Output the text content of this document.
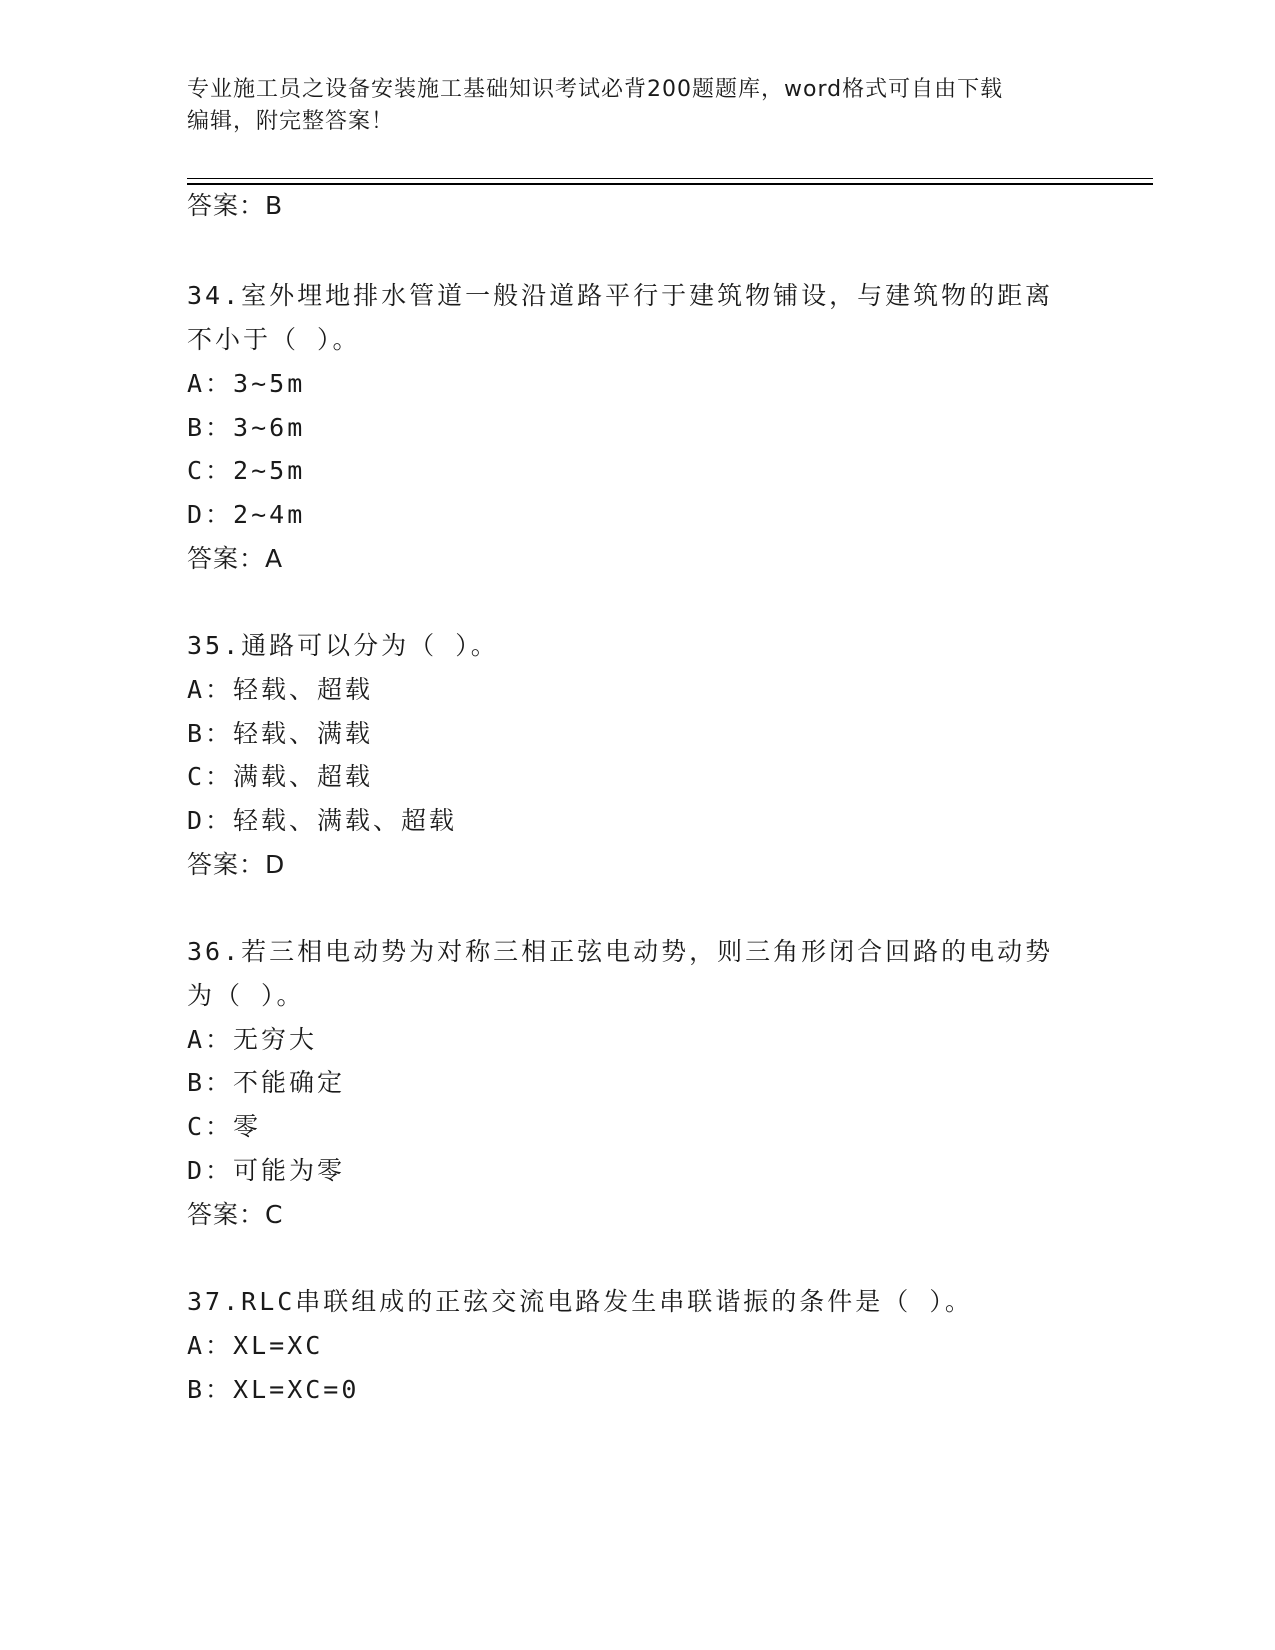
专业施工员之设备安装施工基础知识考试必背200题题库，word格式可自由下载
编辑，附完整答案！
答案：B
34.室外埋地排水管道一般沿道路平行于建筑物铺设，与建筑物的距离
不小于（ ）。
A：3~5m
B：3~6m
C：2~5m
D：2~4m
答案：A
35.通路可以分为（ ）。
A：轻载、超载
B：轻载、满载
C：满载、超载
D：轻载、满载、超载
答案：D
36.若三相电动势为对称三相正弦电动势，则三角形闭合回路的电动势
为（ ）。
A：无穷大
B：不能确定
C：零
D：可能为零
答案：C
37.RLC串联组成的正弦交流电路发生串联谐振的条件是（ ）。
A：XL=XC
B：XL=XC=0
